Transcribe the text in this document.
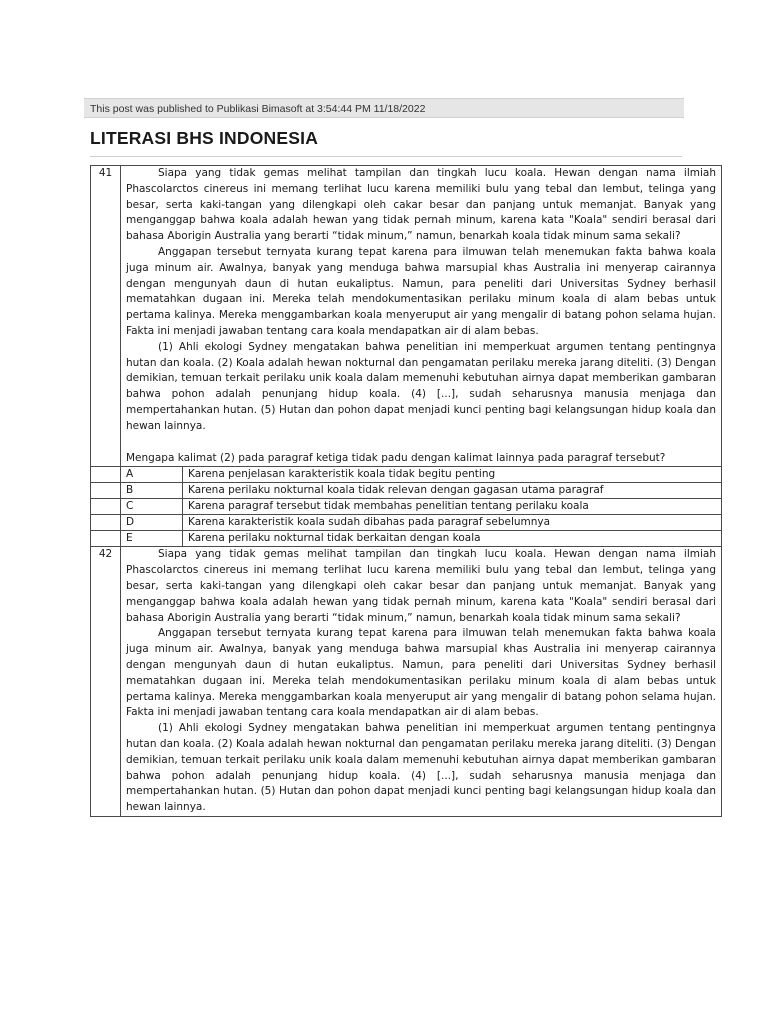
This post was published to Publikasi Bimasoft at 3:54:44 PM 11/18/2022
LITERASI BHS INDONESIA
41	Siapa yang tidak gemas melihat tampilan dan tingkah lucu koala. Hewan dengan nama ilmiah Phascolarctos cinereus ini memang terlihat lucu karena memiliki bulu yang tebal dan lembut, telinga yang besar, serta kaki-tangan yang dilengkapi oleh cakar besar dan panjang untuk memanjat. Banyak yang menganggap bahwa koala adalah hewan yang tidak pernah minum, karena kata "Koala" sendiri berasal dari bahasa Aborigin Australia yang berarti “tidak minum,” namun, benarkah koala tidak minum sama sekali?

Anggapan tersebut ternyata kurang tepat karena para ilmuwan telah menemukan fakta bahwa koala juga minum air. Awalnya, banyak yang menduga bahwa marsupial khas Australia ini menyerap cairannya dengan mengunyah daun di hutan eukaliptus. Namun, para peneliti dari Universitas Sydney berhasil mematahkan dugaan ini. Mereka telah mendokumentasikan perilaku minum koala di alam bebas untuk pertama kalinya. Mereka menggambarkan koala menyeruput air yang mengalir di batang pohon selama hujan. Fakta ini menjadi jawaban tentang cara koala mendapatkan air di alam bebas.

(1) Ahli ekologi Sydney mengatakan bahwa penelitian ini memperkuat argumen tentang pentingnya hutan dan koala. (2) Koala adalah hewan nokturnal dan pengamatan perilaku mereka jarang diteliti. (3) Dengan demikian, temuan terkait perilaku unik koala dalam memenuhi kebutuhan airnya dapat memberikan gambaran bahwa pohon adalah penunjang hidup koala. (4) [...], sudah seharusnya manusia menjaga dan mempertahankan hutan. (5) Hutan dan pohon dapat menjadi kunci penting bagi kelangsungan hidup koala dan hewan lainnya.

Mengapa kalimat (2) pada paragraf ketiga tidak padu dengan kalimat lainnya pada paragraf tersebut?	

	A	Karena penjelasan karakteristik koala tidak begitu penting
	B	Karena perilaku nokturnal koala tidak relevan dengan gagasan utama paragraf
	C	Karena paragraf tersebut tidak membahas penelitian tentang perilaku koala
	D	Karena karakteristik koala sudah dibahas pada paragraf sebelumnya
	E	Karena perilaku nokturnal tidak berkaitan dengan koala
42	Siapa yang tidak gemas melihat tampilan dan tingkah lucu koala. Hewan dengan nama ilmiah Phascolarctos cinereus ini memang terlihat lucu karena memiliki bulu yang tebal dan lembut, telinga yang besar, serta kaki-tangan yang dilengkapi oleh cakar besar dan panjang untuk memanjat. Banyak yang menganggap bahwa koala adalah hewan yang tidak pernah minum, karena kata "Koala" sendiri berasal dari bahasa Aborigin Australia yang berarti “tidak minum,” namun, benarkah koala tidak minum sama sekali?

Anggapan tersebut ternyata kurang tepat karena para ilmuwan telah menemukan fakta bahwa koala juga minum air. Awalnya, banyak yang menduga bahwa marsupial khas Australia ini menyerap cairannya dengan mengunyah daun di hutan eukaliptus. Namun, para peneliti dari Universitas Sydney berhasil mematahkan dugaan ini. Mereka telah mendokumentasikan perilaku minum koala di alam bebas untuk pertama kalinya. Mereka menggambarkan koala menyeruput air yang mengalir di batang pohon selama hujan. Fakta ini menjadi jawaban tentang cara koala mendapatkan air di alam bebas.

(1) Ahli ekologi Sydney mengatakan bahwa penelitian ini memperkuat argumen tentang pentingnya hutan dan koala. (2) Koala adalah hewan nokturnal dan pengamatan perilaku mereka jarang diteliti. (3) Dengan demikian, temuan terkait perilaku unik koala dalam memenuhi kebutuhan airnya dapat memberikan gambaran bahwa pohon adalah penunjang hidup koala. (4) [...], sudah seharusnya manusia menjaga dan mempertahankan hutan. (5) Hutan dan pohon dapat menjadi kunci penting bagi kelangsungan hidup koala dan hewan lainnya.	
